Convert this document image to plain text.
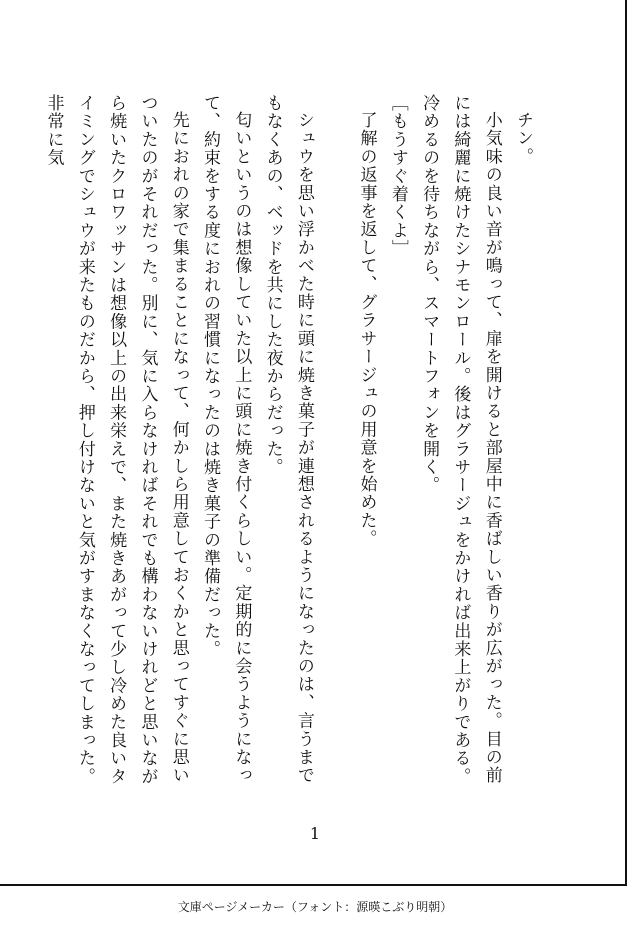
チン。

小気味の良い音が鳴って、扉を開けると部屋中に香ばしい香りが広がった。目の前には綺麗に焼けたシナモンロール。後はグラサージュをかければ出来上がりである。冷めるのを待ちながら、スマートフォンを開く。

［もうすぐ着くよ］

了解の返事を返して、グラサージュの用意を始めた。

シュウを思い浮かべた時に頭に焼き菓子が連想されるようになったのは、言うまでもなくあの、ベッドを共にした夜からだった。

匂いというのは想像していた以上に頭に焼き付くらしい。定期的に会うようになって、約束をする度におれの習慣になったのは焼き菓子の準備だった。

先におれの家で集まることになって、何かしら用意しておくかと思ってすぐに思いついたのがそれだった。別に、気に入らなければそれでも構わないけれどと思いながら焼いたクロワッサンは想像以上の出来栄えで、また焼きあがって少し冷めた良いタイミングでシュウが来たものだから、押し付けないと気がすまなくなってしまった。非常に気

1
文庫ページメーカー（フォント：源暎こぶり明朝）
